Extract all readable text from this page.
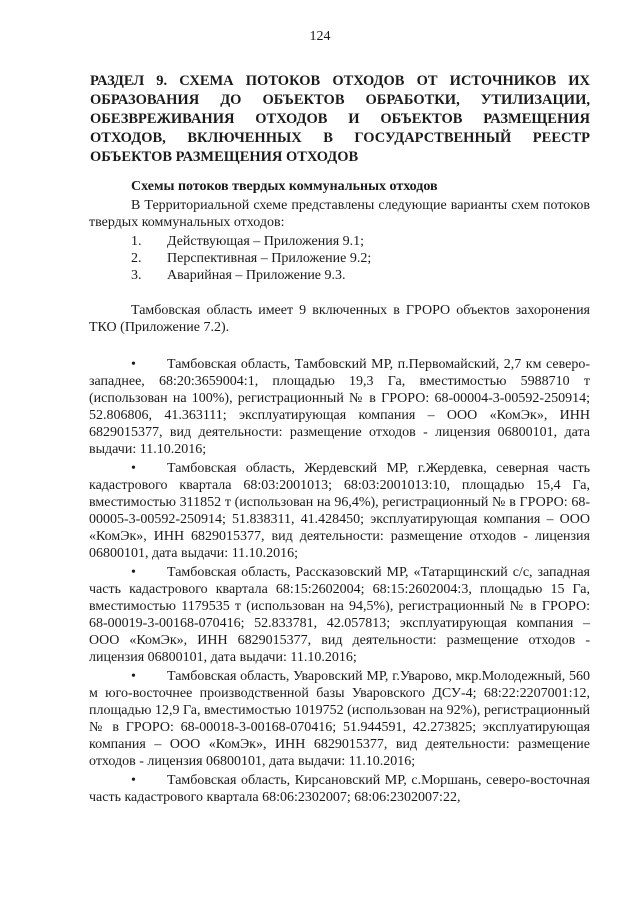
124
РАЗДЕЛ 9. СХЕМА ПОТОКОВ ОТХОДОВ ОТ ИСТОЧНИКОВ ИХ ОБРАЗОВАНИЯ ДО ОБЪЕКТОВ ОБРАБОТКИ, УТИЛИЗАЦИИ, ОБЕЗВРЕЖИВАНИЯ ОТХОДОВ И ОБЪЕКТОВ РАЗМЕЩЕНИЯ ОТХОДОВ, ВКЛЮЧЕННЫХ В ГОСУДАРСТВЕННЫЙ РЕЕСТР ОБЪЕКТОВ РАЗМЕЩЕНИЯ ОТХОДОВ
Схемы потоков твердых коммунальных отходов
В Территориальной схеме представлены следующие варианты схем потоков твердых коммунальных отходов:
1. Действующая – Приложения 9.1;
2. Перспективная – Приложение 9.2;
3. Аварийная – Приложение 9.3.
Тамбовская область имеет 9 включенных в ГРОРО объектов захоронения ТКО (Приложение 7.2).
• Тамбовская область, Тамбовский МР, п.Первомайский, 2,7 км северо-западнее, 68:20:3659004:1, площадью 19,3 Га, вместимостью 5988710 т (использован на 100%), регистрационный № в ГРОРО: 68-00004-3-00592-250914; 52.806806, 41.363111; эксплуатирующая компания – ООО «КомЭк», ИНН 6829015377, вид деятельности: размещение отходов - лицензия 06800101, дата выдачи: 11.10.2016;
• Тамбовская область, Жердевский МР, г.Жердевка, северная часть кадастрового квартала 68:03:2001013; 68:03:2001013:10, площадью 15,4 Га, вместимостью 311852 т (использован на 96,4%), регистрационный № в ГРОРО: 68-00005-3-00592-250914; 51.838311, 41.428450; эксплуатирующая компания – ООО «КомЭк», ИНН 6829015377, вид деятельности: размещение отходов - лицензия 06800101, дата выдачи: 11.10.2016;
• Тамбовская область, Рассказовский МР, «Татарщинский с/с, западная часть кадастрового квартала 68:15:2602004; 68:15:2602004:3, площадью 15 Га, вместимостью 1179535 т (использован на 94,5%), регистрационный № в ГРОРО: 68-00019-3-00168-070416; 52.833781, 42.057813; эксплуатирующая компания – ООО «КомЭк», ИНН 6829015377, вид деятельности: размещение отходов - лицензия 06800101, дата выдачи: 11.10.2016;
• Тамбовская область, Уваровский МР, г.Уварово, мкр.Молодежный, 560 м юго-восточнее производственной базы Уваровского ДСУ-4; 68:22:2207001:12, площадью 12,9 Га, вместимостью 1019752 (использован на 92%), регистрационный № в ГРОРО: 68-00018-3-00168-070416; 51.944591, 42.273825; эксплуатирующая компания – ООО «КомЭк», ИНН 6829015377, вид деятельности: размещение отходов - лицензия 06800101, дата выдачи: 11.10.2016;
• Тамбовская область, Кирсановский МР, с.Моршань, северо-восточная часть кадастрового квартала 68:06:2302007; 68:06:2302007:22,
